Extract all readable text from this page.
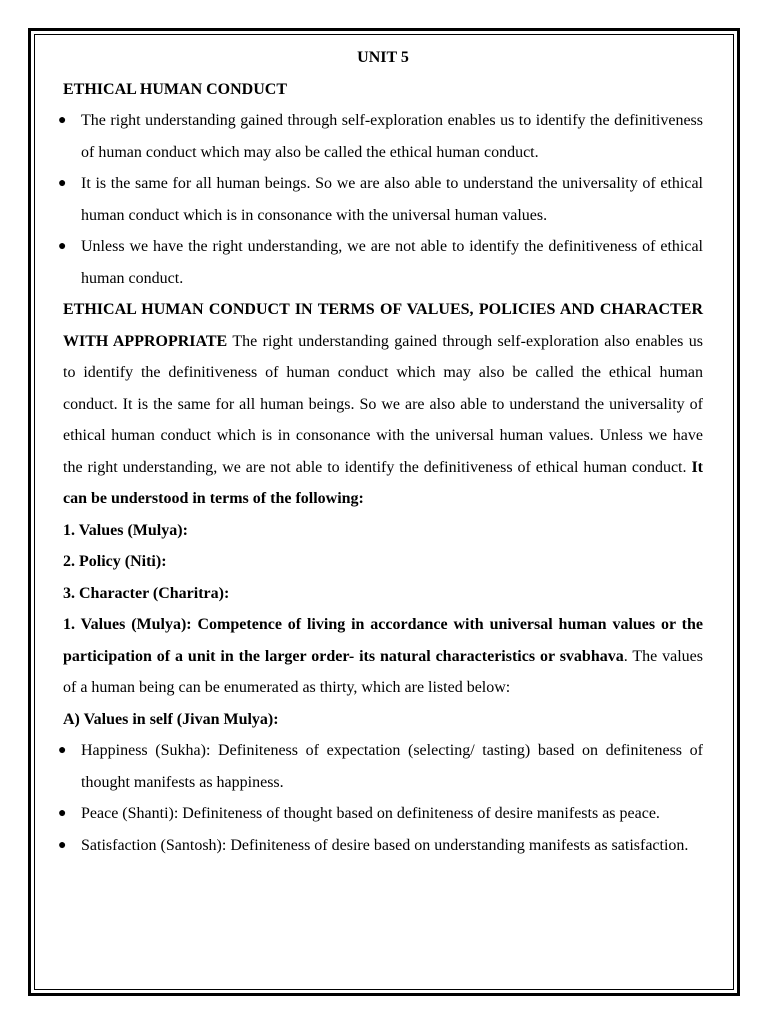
UNIT 5

ETHICAL HUMAN CONDUCT

● The right understanding gained through self-exploration enables us to identify the definitiveness of human conduct which may also be called the ethical human conduct.
● It is the same for all human beings. So we are also able to understand the universality of ethical human conduct which is in consonance with the universal human values.
● Unless we have the right understanding, we are not able to identify the definitiveness of ethical human conduct.

ETHICAL HUMAN CONDUCT IN TERMS OF VALUES, POLICIES AND CHARACTER WITH APPROPRIATE The right understanding gained through self-exploration also enables us to identify the definitiveness of human conduct which may also be called the ethical human conduct. It is the same for all human beings. So we are also able to understand the universality of ethical human conduct which is in consonance with the universal human values. Unless we have the right understanding, we are not able to identify the definitiveness of ethical human conduct. It can be understood in terms of the following:

1. Values (Mulya):

2. Policy (Niti):

3. Character (Charitra):

1. Values (Mulya): Competence of living in accordance with universal human values or the participation of a unit in the larger order- its natural characteristics or svabhava. The values of a human being can be enumerated as thirty, which are listed below:

A) Values in self (Jivan Mulya):

● Happiness (Sukha): Definiteness of expectation (selecting/ tasting) based on definiteness of thought manifests as happiness.
● Peace (Shanti): Definiteness of thought based on definiteness of desire manifests as peace.
● Satisfaction (Santosh): Definiteness of desire based on understanding manifests as satisfaction.
